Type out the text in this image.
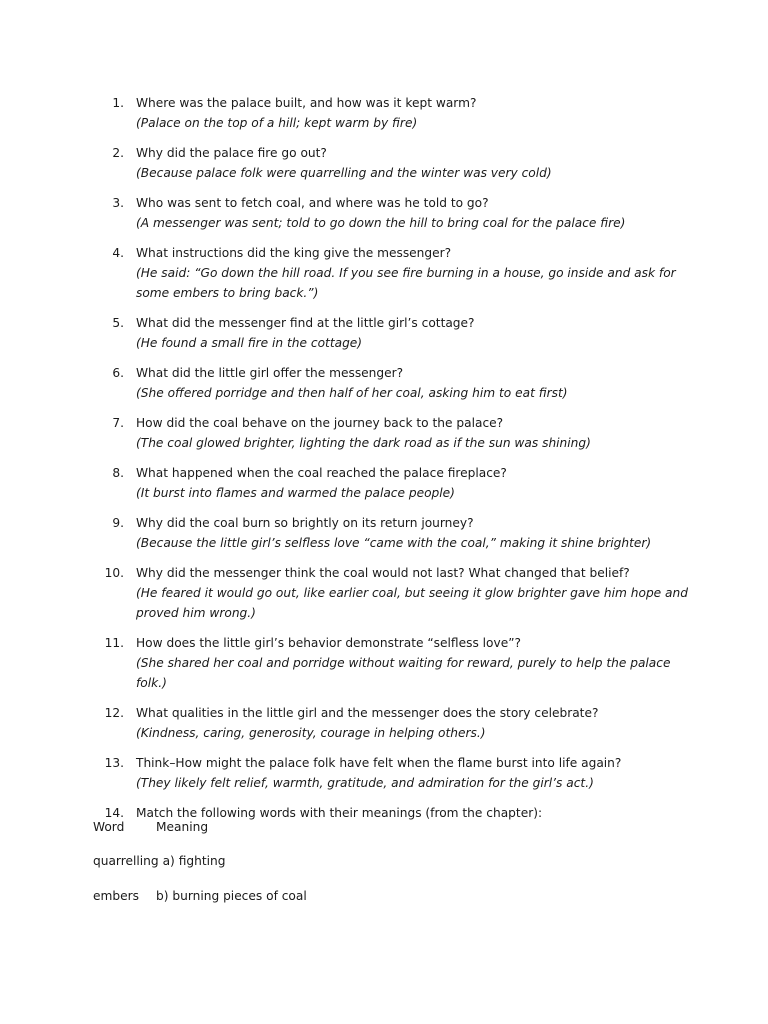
1. Where was the palace built, and how was it kept warm?
(Palace on the top of a hill; kept warm by fire)
2. Why did the palace fire go out?
(Because palace folk were quarrelling and the winter was very cold)
3. Who was sent to fetch coal, and where was he told to go?
(A messenger was sent; told to go down the hill to bring coal for the palace fire)
4. What instructions did the king give the messenger?
(He said: “Go down the hill road. If you see fire burning in a house, go inside and ask for some embers to bring back.”)
5. What did the messenger find at the little girl’s cottage?
(He found a small fire in the cottage)
6. What did the little girl offer the messenger?
(She offered porridge and then half of her coal, asking him to eat first)
7. How did the coal behave on the journey back to the palace?
(The coal glowed brighter, lighting the dark road as if the sun was shining)
8. What happened when the coal reached the palace fireplace?
(It burst into flames and warmed the palace people)
9. Why did the coal burn so brightly on its return journey?
(Because the little girl’s selfless love “came with the coal,” making it shine brighter)
10. Why did the messenger think the coal would not last? What changed that belief?
(He feared it would go out, like earlier coal, but seeing it glow brighter gave him hope and proved him wrong.)
11. How does the little girl’s behavior demonstrate “selfless love”?
(She shared her coal and porridge without waiting for reward, purely to help the palace folk.)
12. What qualities in the little girl and the messenger does the story celebrate?
(Kindness, caring, generosity, courage in helping others.)
13. Think–How might the palace folk have felt when the flame burst into life again?
(They likely felt relief, warmth, gratitude, and admiration for the girl’s act.)
14. Match the following words with their meanings (from the chapter):
Word	Meaning
quarrelling a) fighting
embers b) burning pieces of coal
